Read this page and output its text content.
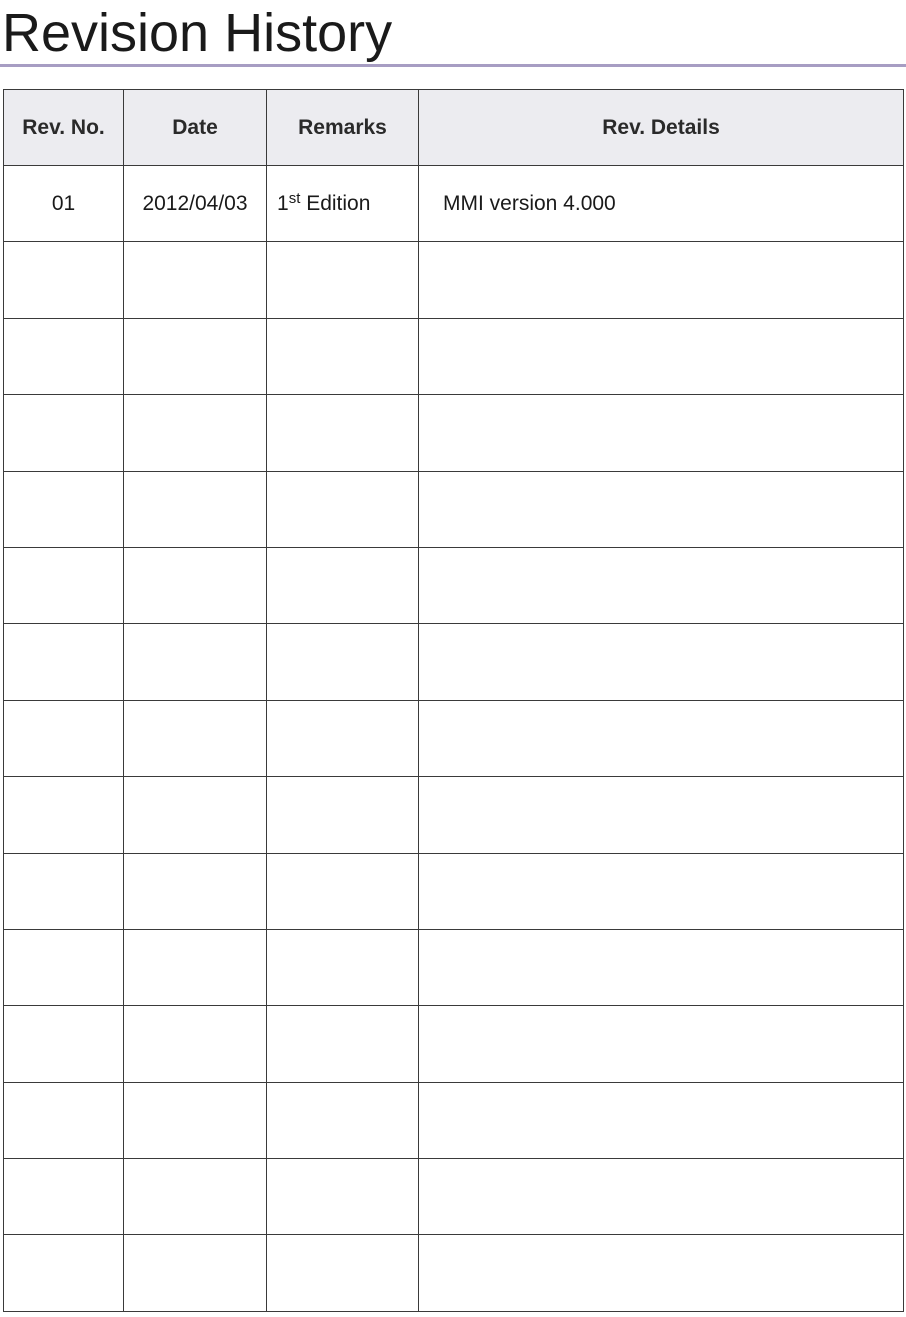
Revision History
Rev. No.	Date	Remarks	Rev. Details
01	2012/04/03	1st Edition	MMI version 4.000
